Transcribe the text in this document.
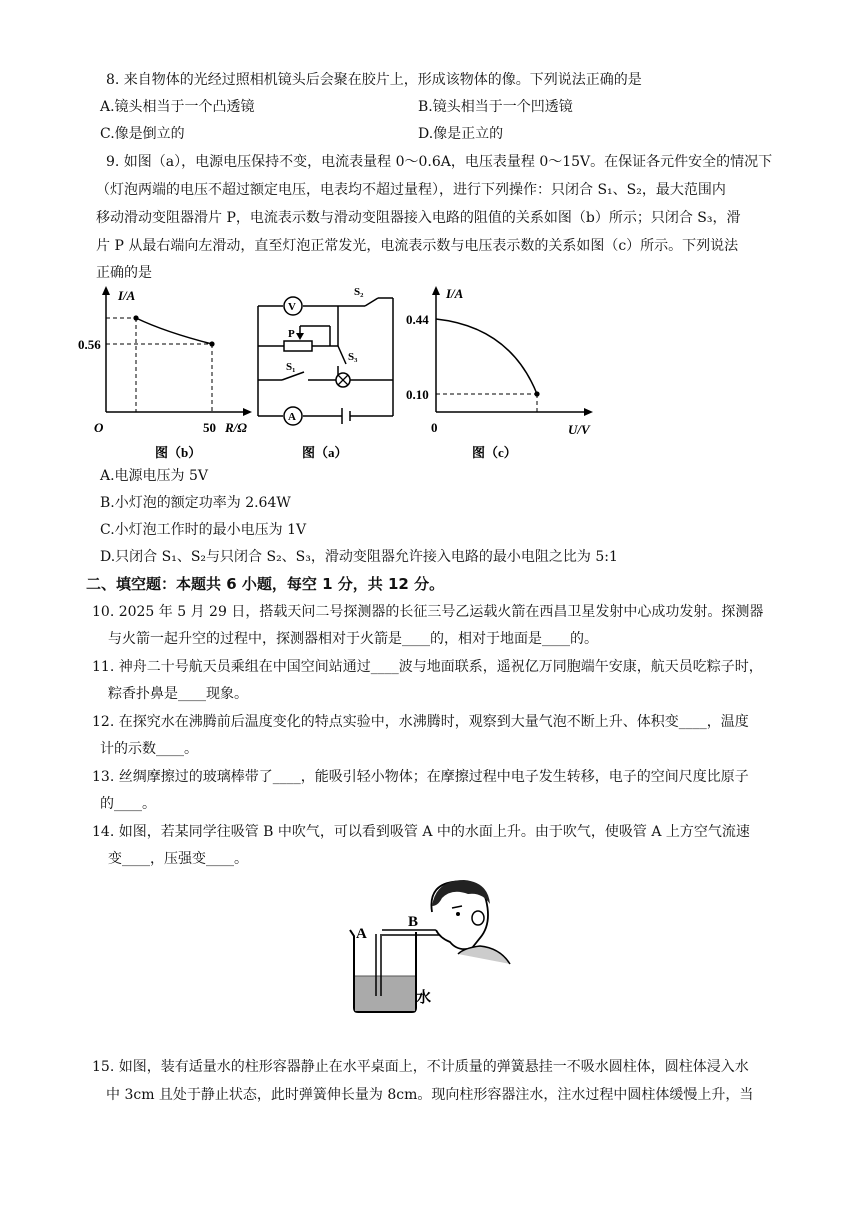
8. 来自物体的光经过照相机镜头后会聚在胶片上，形成该物体的像。下列说法正确的是
A.镜头相当于一个凸透镜	B.镜头相当于一个凹透镜
C.像是倒立的	D.像是正立的
9. 如图（a），电源电压保持不变，电流表量程 0～0.6A，电压表量程 0～15V。在保证各元件安全的情况下
（灯泡两端的电压不超过额定电压，电表均不超过量程），进行下列操作：只闭合 S₁、S₂，最大范围内
移动滑动变阻器滑片 P，电流表示数与滑动变阻器接入电路的阻值的关系如图（b）所示；只闭合 S₃，滑
片 P 从最右端向左滑动，直至灯泡正常发光，电流表示数与电压表示数的关系如图（c）所示。下列说法
正确的是
I/A
0.56
O	50 R/Ω
图（b）
V
A
S₂
P
S₃
S₁
图（a）
I/A
0.44
0.10
0	U/V
图（c）
A.电源电压为 5V
B.小灯泡的额定功率为 2.64W
C.小灯泡工作时的最小电压为 1V
D.只闭合 S₁、S₂与只闭合 S₂、S₃，滑动变阻器允许接入电路的最小电阻之比为 5:1
二、填空题：本题共 6 小题，每空 1 分，共 12 分。
10. 2025 年 5 月 29 日，搭载天问二号探测器的长征三号乙运载火箭在西昌卫星发射中心成功发射。探测器
与火箭一起升空的过程中，探测器相对于火箭是____的，相对于地面是____的。
11. 神舟二十号航天员乘组在中国空间站通过____波与地面联系，遥祝亿万同胞端午安康，航天员吃粽子时，
粽香扑鼻是____现象。
12. 在探究水在沸腾前后温度变化的特点实验中，水沸腾时，观察到大量气泡不断上升、体积变____，温度
计的示数____。
13. 丝绸摩擦过的玻璃棒带了____，能吸引轻小物体；在摩擦过程中电子发生转移，电子的空间尺度比原子
的____。
14. 如图，若某同学往吸管 B 中吹气，可以看到吸管 A 中的水面上升。由于吹气，使吸管 A 上方空气流速
变____，压强变____。
A
B
水
15. 如图，装有适量水的柱形容器静止在水平桌面上，不计质量的弹簧悬挂一不吸水圆柱体，圆柱体浸入水
中 3cm 且处于静止状态，此时弹簧伸长量为 8cm。现向柱形容器注水，注水过程中圆柱体缓慢上升，当
